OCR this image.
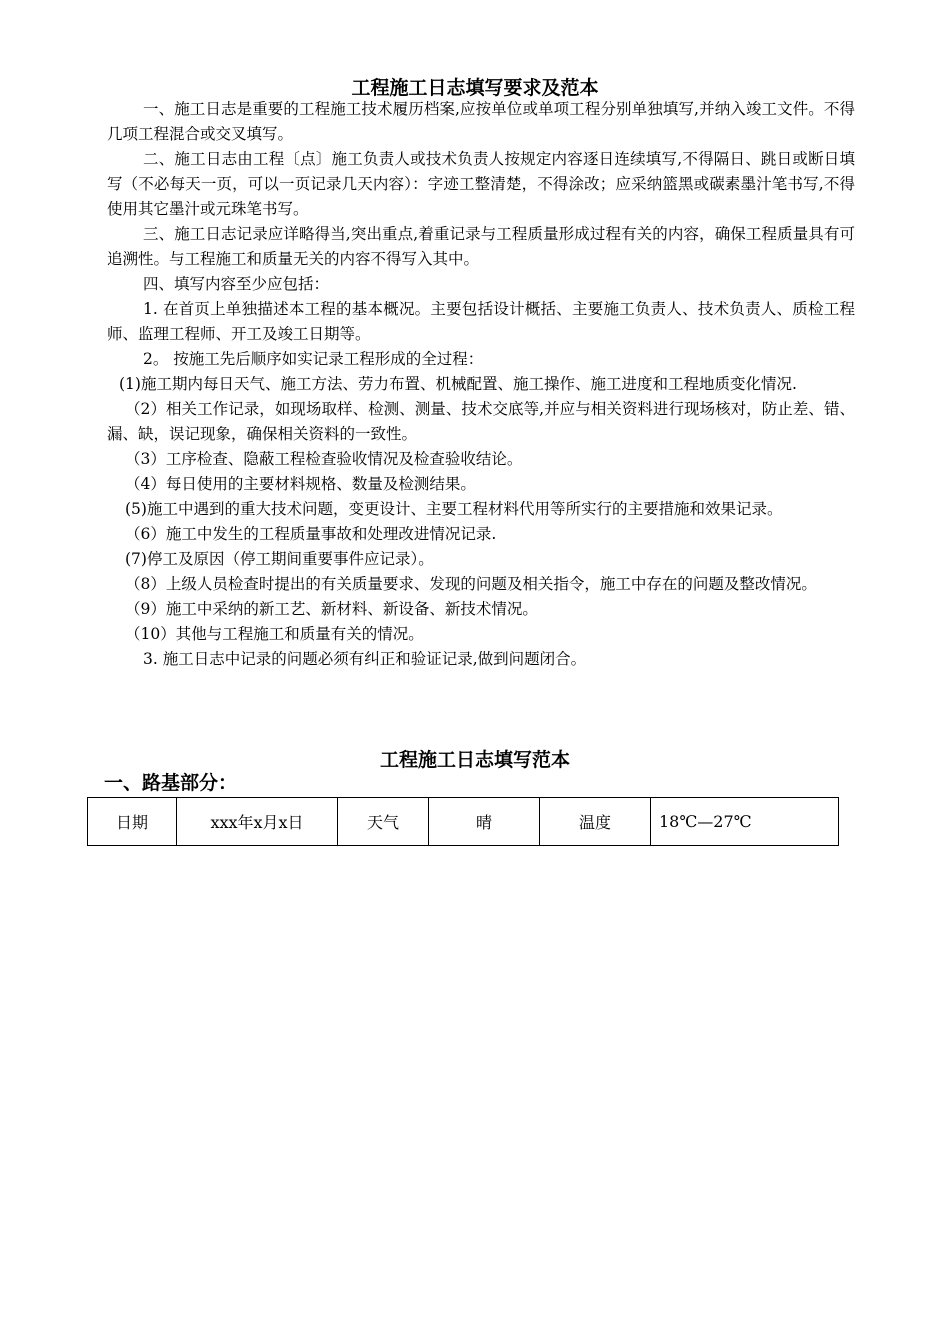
工程施工日志填写要求及范本

一、施工日志是重要的工程施工技术履历档案,应按单位或单项工程分别单独填写,并纳入竣工文件。不得几项工程混合或交叉填写。

二、施工日志由工程〔点〕施工负责人或技术负责人按规定内容逐日连续填写,不得隔日、跳日或断日填写（不必每天一页，可以一页记录几天内容）：字迹工整清楚，不得涂改；应采纳篮黑或碳素墨汁笔书写,不得使用其它墨汁或元珠笔书写。

三、施工日志记录应详略得当,突出重点,着重记录与工程质量形成过程有关的内容，确保工程质量具有可追溯性。与工程施工和质量无关的内容不得写入其中。

四、填写内容至少应包括：

1. 在首页上单独描述本工程的基本概况。主要包括设计概括、主要施工负责人、技术负责人、质检工程师、监理工程师、开工及竣工日期等。

2。 按施工先后顺序如实记录工程形成的全过程：

(1)施工期内每日天气、施工方法、劳力布置、机械配置、施工操作、施工进度和工程地质变化情况.

（2）相关工作记录，如现场取样、检测、测量、技术交底等,并应与相关资料进行现场核对，防止差、错、漏、缺，误记现象，确保相关资料的一致性。

（3）工序检查、隐蔽工程检查验收情况及检查验收结论。

（4）每日使用的主要材料规格、数量及检测结果。

(5)施工中遇到的重大技术问题，变更设计、主要工程材料代用等所实行的主要措施和效果记录。

（6）施工中发生的工程质量事故和处理改进情况记录.

(7)停工及原因（停工期间重要事件应记录）。

（8）上级人员检查时提出的有关质量要求、发现的问题及相关指令，施工中存在的问题及整改情况。

（9）施工中采纳的新工艺、新材料、新设备、新技术情况。

（10）其他与工程施工和质量有关的情况。

3. 施工日志中记录的问题必须有纠正和验证记录,做到问题闭合。

工程施工日志填写范本
一、路基部分：
日期	xxx年x月x日	天气	晴	温度	18℃—27℃
